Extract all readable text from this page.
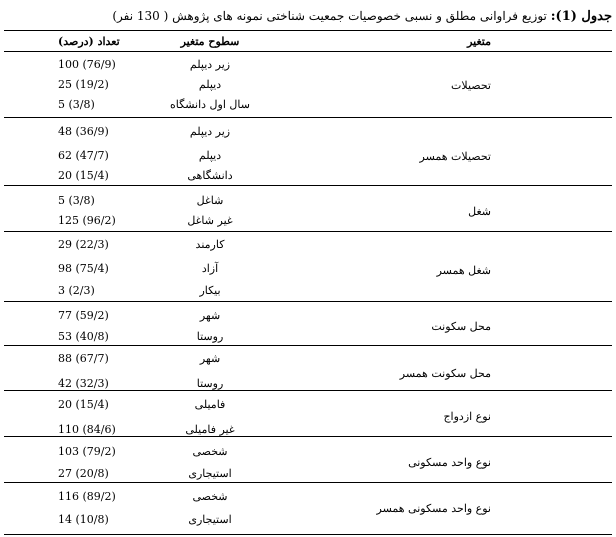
جدول (1): توزیع فراوانی مطلق و نسبی خصوصیات جمعیت شناختی نمونه های پژوهش ( 130 نفر)
متغیر
سطوح متغیر
تعداد (درصد)
تحصیلات
زیر دیپلم
100 (76/9)
دیپلم
25 (19/2)
سال اول دانشگاه
5 (3/8)
تحصیلات همسر
زیر دیپلم
48 (36/9)
دیپلم
62 (47/7)
دانشگاهی
20 (15/4)
شغل
شاغل
5 (3/8)
غیر شاغل
125 (96/2)
شغل همسر
کارمند
29 (22/3)
آزاد
98 (75/4)
بیکار
3 (2/3)
محل سکونت
شهر
77 (59/2)
روستا
53 (40/8)
محل سکونت همسر
شهر
88 (67/7)
روستا
42 (32/3)
نوع ازدواج
فامیلی
20 (15/4)
غیر فامیلی
110 (84/6)
نوع واحد مسکونی
شخصی
103 (79/2)
استیجاری
27 (20/8)
نوع واحد مسکونی همسر
شخصی
116 (89/2)
استیجاری
14 (10/8)
